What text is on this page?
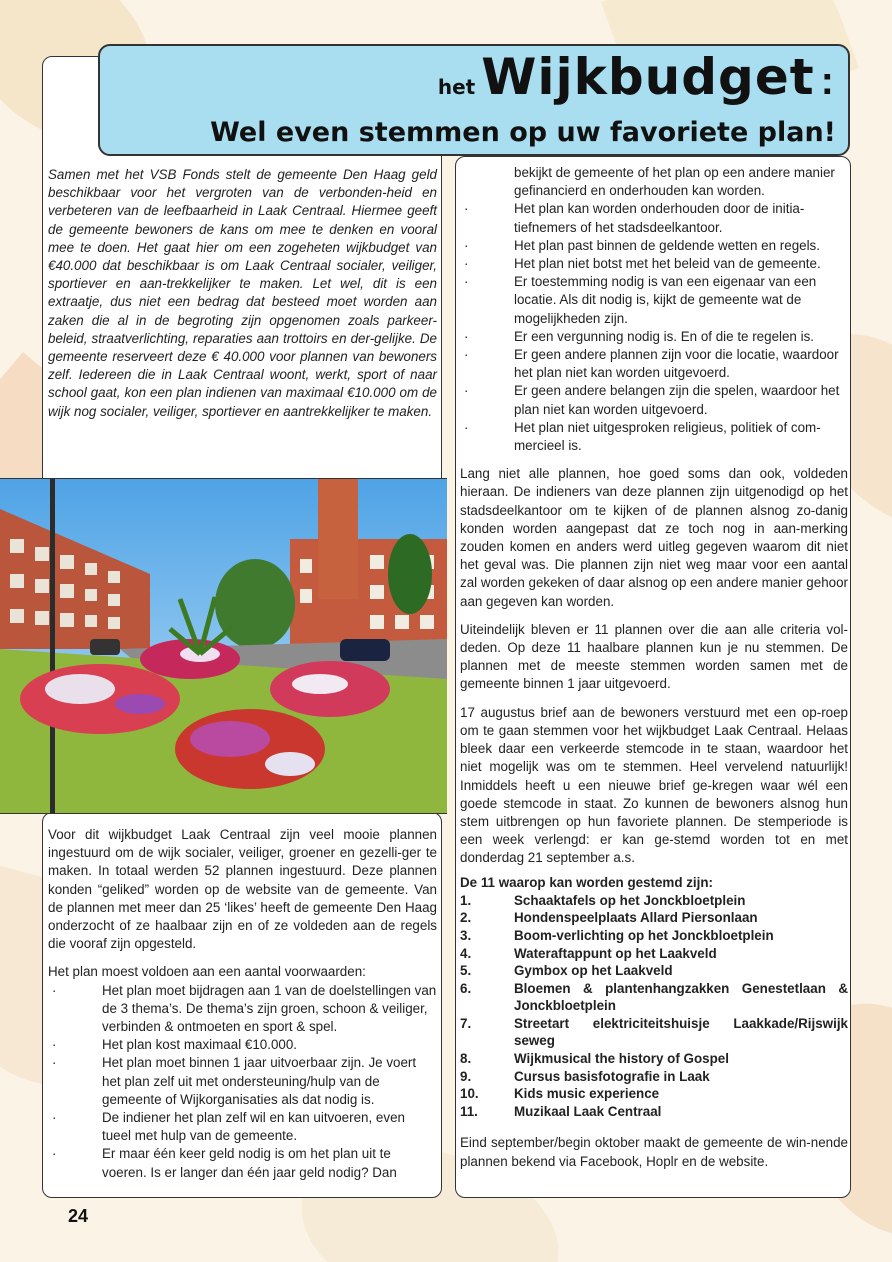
het Wijkbudget :
Wel even stemmen op uw favoriete plan!
Samen met het VSB Fonds stelt de gemeente Den Haag geld beschikbaar voor het vergroten van de verbonden-heid en verbeteren van de leefbaarheid in Laak Centraal. Hiermee geeft de gemeente bewoners de kans om mee te denken en vooral mee te doen. Het gaat hier om een zogeheten wijkbudget van €40.000 dat beschikbaar is om Laak Centraal socialer, veiliger, sportiever en aan-trekkelijker te maken. Let wel, dit is een extraatje, dus niet een bedrag dat besteed moet worden aan zaken die al in de begroting zijn opgenomen zoals parkeer-beleid, straatverlichting, reparaties aan trottoirs en der-gelijke. De gemeente reserveert deze € 40.000 voor plannen van bewoners zelf. Iedereen die in Laak Centraal woont, werkt, sport of naar school gaat, kon een plan indienen van maximaal €10.000 om de wijk nog socialer, veiliger, sportiever en aantrekkelijker te maken.

Voor dit wijkbudget Laak Centraal zijn veel mooie plannen ingestuurd om de wijk socialer, veiliger, groener en gezelli-ger te maken. In totaal werden 52 plannen ingestuurd. Deze plannen konden “geliked” worden op de website van de gemeente. Van de plannen met meer dan 25 ‘likes’ heeft de gemeente Den Haag onderzocht of ze haalbaar zijn en of ze voldeden aan de regels die vooraf zijn opgesteld.

Het plan moest voldoen aan een aantal voorwaarden:

·	Het plan moet bijdragen aan 1 van de doelstellingen van de 3 thema’s. De thema’s zijn groen, schoon & veiliger, verbinden & ontmoeten en sport & spel.
·	Het plan kost maximaal €10.000.
·	Het plan moet binnen 1 jaar uitvoerbaar zijn. Je voert het plan zelf uit met ondersteuning/hulp van de gemeente of Wijkorganisaties als dat nodig is.
·	De indiener het plan zelf wil en kan uitvoeren, even tueel met hulp van de gemeente.
·	Er maar één keer geld nodig is om het plan uit te voeren. Is er langer dan één jaar geld nodig? Dan
bekijkt de gemeente of het plan op een andere manier gefinancierd en onderhouden kan worden.
·	Het plan kan worden onderhouden door de initia-tiefnemers of het stadsdeelkantoor.
·	Het plan past binnen de geldende wetten en regels.
·	Het plan niet botst met het beleid van de gemeente.
·	Er toestemming nodig is van een eigenaar van een locatie. Als dit nodig is, kijkt de gemeente wat de mogelijkheden zijn.
·	Er een vergunning nodig is. En of die te regelen is.
·	Er geen andere plannen zijn voor die locatie, waardoor het plan niet kan worden uitgevoerd.
·	Er geen andere belangen zijn die spelen, waardoor het plan niet kan worden uitgevoerd.
·	Het plan niet uitgesproken religieus, politiek of com-mercieel is.

Lang niet alle plannen, hoe goed soms dan ook, voldeden hieraan. De indieners van deze plannen zijn uitgenodigd op het stadsdeelkantoor om te kijken of de plannen alsnog zo-danig konden worden aangepast dat ze toch nog in aan-merking zouden komen en anders werd uitleg gegeven waarom dit niet het geval was. Die plannen zijn niet weg maar voor een aantal zal worden gekeken of daar alsnog op een andere manier gehoor aan gegeven kan worden.

Uiteindelijk bleven er 11 plannen over die aan alle criteria vol-deden. Op deze 11 haalbare plannen kun je nu stemmen. De plannen met de meeste stemmen worden samen met de gemeente binnen 1 jaar uitgevoerd.

17 augustus brief aan de bewoners verstuurd met een op-roep om te gaan stemmen voor het wijkbudget Laak Centraal. Helaas bleek daar een verkeerde stemcode in te staan, waardoor het niet mogelijk was om te stemmen. Heel vervelend natuurlijk! Inmiddels heeft u een nieuwe brief ge-kregen waar wél een goede stemcode in staat. Zo kunnen de bewoners alsnog hun stem uitbrengen op hun favoriete plannen. De stemperiode is een week verlengd: er kan ge-stemd worden tot en met donderdag 21 september a.s.

De 11 waarop kan worden gestemd zijn:
1.	Schaaktafels op het Jonckbloetplein
2.	Hondenspeelplaats Allard Piersonlaan
3.	Boom-verlichting op het Jonckbloetplein
4.	Wateraftappunt op het Laakveld
5.	Gymbox op het Laakveld
6.	Bloemen & plantenhangzakken Genestetlaan & Jonckbloetplein
7.	Streetart elektriciteitshuisje Laakkade/Rijswijk seweg
8.	Wijkmusical the history of Gospel
9.	Cursus basisfotografie in Laak
10.	Kids music experience
11.	Muzikaal Laak Centraal

Eind september/begin oktober maakt de gemeente de win-nende plannen bekend via Facebook, Hoplr en de website.

24
